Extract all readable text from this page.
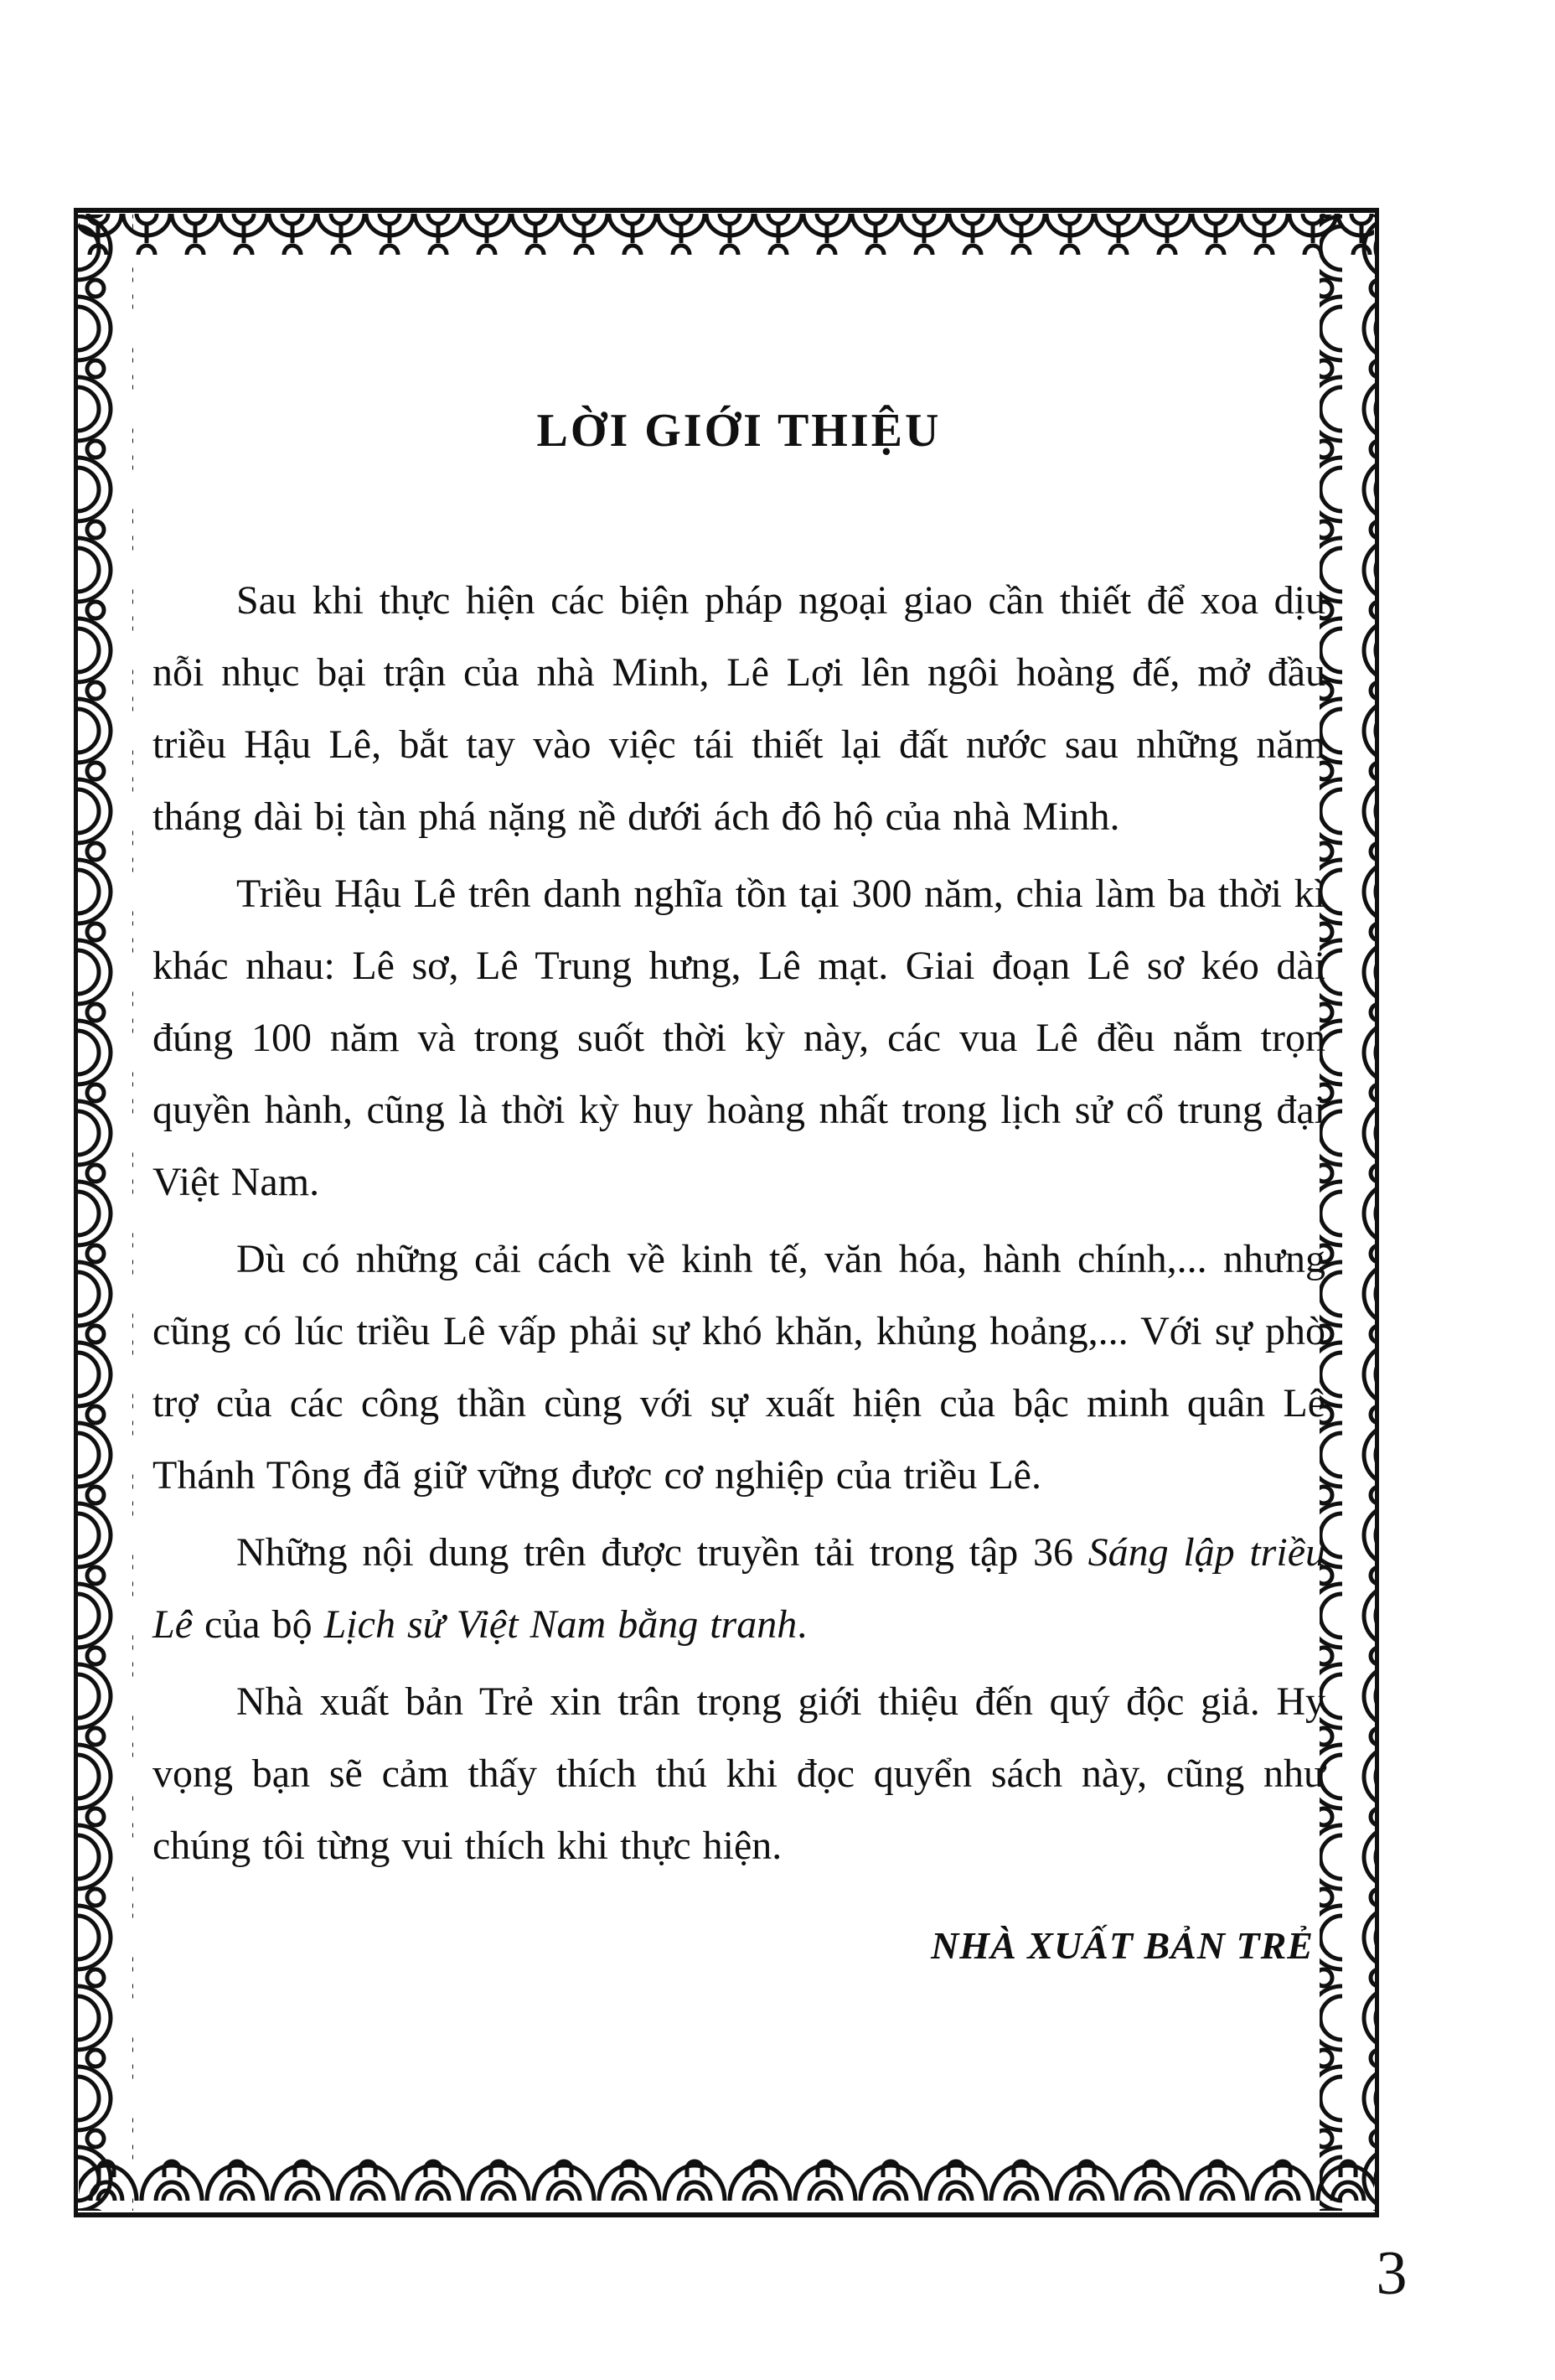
LỜI GIỚI THIỆU

Sau khi thực hiện các biện pháp ngoại giao cần thiết để xoa dịu nỗi nhục bại trận của nhà Minh, Lê Lợi lên ngôi hoàng đế, mở đầu triều Hậu Lê, bắt tay vào việc tái thiết lại đất nước sau những năm tháng dài bị tàn phá nặng nề dưới ách đô hộ của nhà Minh.

Triều Hậu Lê trên danh nghĩa tồn tại 300 năm, chia làm ba thời kì khác nhau: Lê sơ, Lê Trung hưng, Lê mạt. Giai đoạn Lê sơ kéo dài đúng 100 năm và trong suốt thời kỳ này, các vua Lê đều nắm trọn quyền hành, cũng là thời kỳ huy hoàng nhất trong lịch sử cổ trung đại Việt Nam.

Dù có những cải cách về kinh tế, văn hóa, hành chính,... nhưng cũng có lúc triều Lê vấp phải sự khó khăn, khủng hoảng,... Với sự phò trợ của các công thần cùng với sự xuất hiện của bậc minh quân Lê Thánh Tông đã giữ vững được cơ nghiệp của triều Lê.

Những nội dung trên được truyền tải trong tập 36 Sáng lập triều Lê của bộ Lịch sử Việt Nam bằng tranh.

Nhà xuất bản Trẻ xin trân trọng giới thiệu đến quý độc giả. Hy vọng bạn sẽ cảm thấy thích thú khi đọc quyển sách này, cũng như chúng tôi từng vui thích khi thực hiện.

NHÀ XUẤT BẢN TRẺ
3
